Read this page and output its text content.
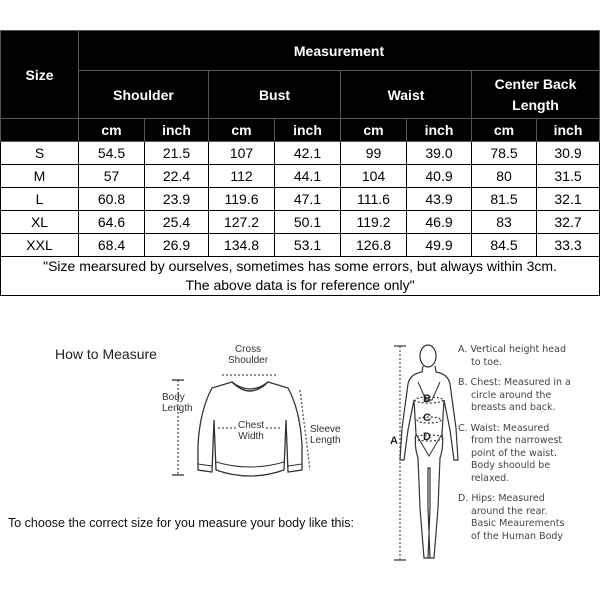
Size	Measurement							
	Shoulder		Bust		Waist		Center Back
Length	
	cm	inch	cm	inch	cm	inch	cm	inch
S	54.5	21.5	107	42.1	99	39.0	78.5	30.9
M	57	22.4	112	44.1	104	40.9	80	31.5
L	60.8	23.9	119.6	47.1	111.6	43.9	81.5	32.1
XL	64.6	25.4	127.2	50.1	119.2	46.9	83	32.7
XXL	68.4	26.9	134.8	53.1	126.8	49.9	84.5	33.3

"Size mearsured by ourselves, sometimes has some errors, but always within 3cm.
The above data is for reference only"								
How to Measure	Cross
Shoulder
Body
Length
Chest
Width
Sleeve
Length
To choose the correct size for you measure your body like this:
A
B
C
D
A. Vertical height head
to toe.
B. Chest: Measured in a
circle around the
breasts and back.
C. Waist: Measured
from the narrowest
point of the waist.
Body shoould be
relaxed.
D. Hips: Measured
around the rear.
Basic Meaurements
of the Human Body
